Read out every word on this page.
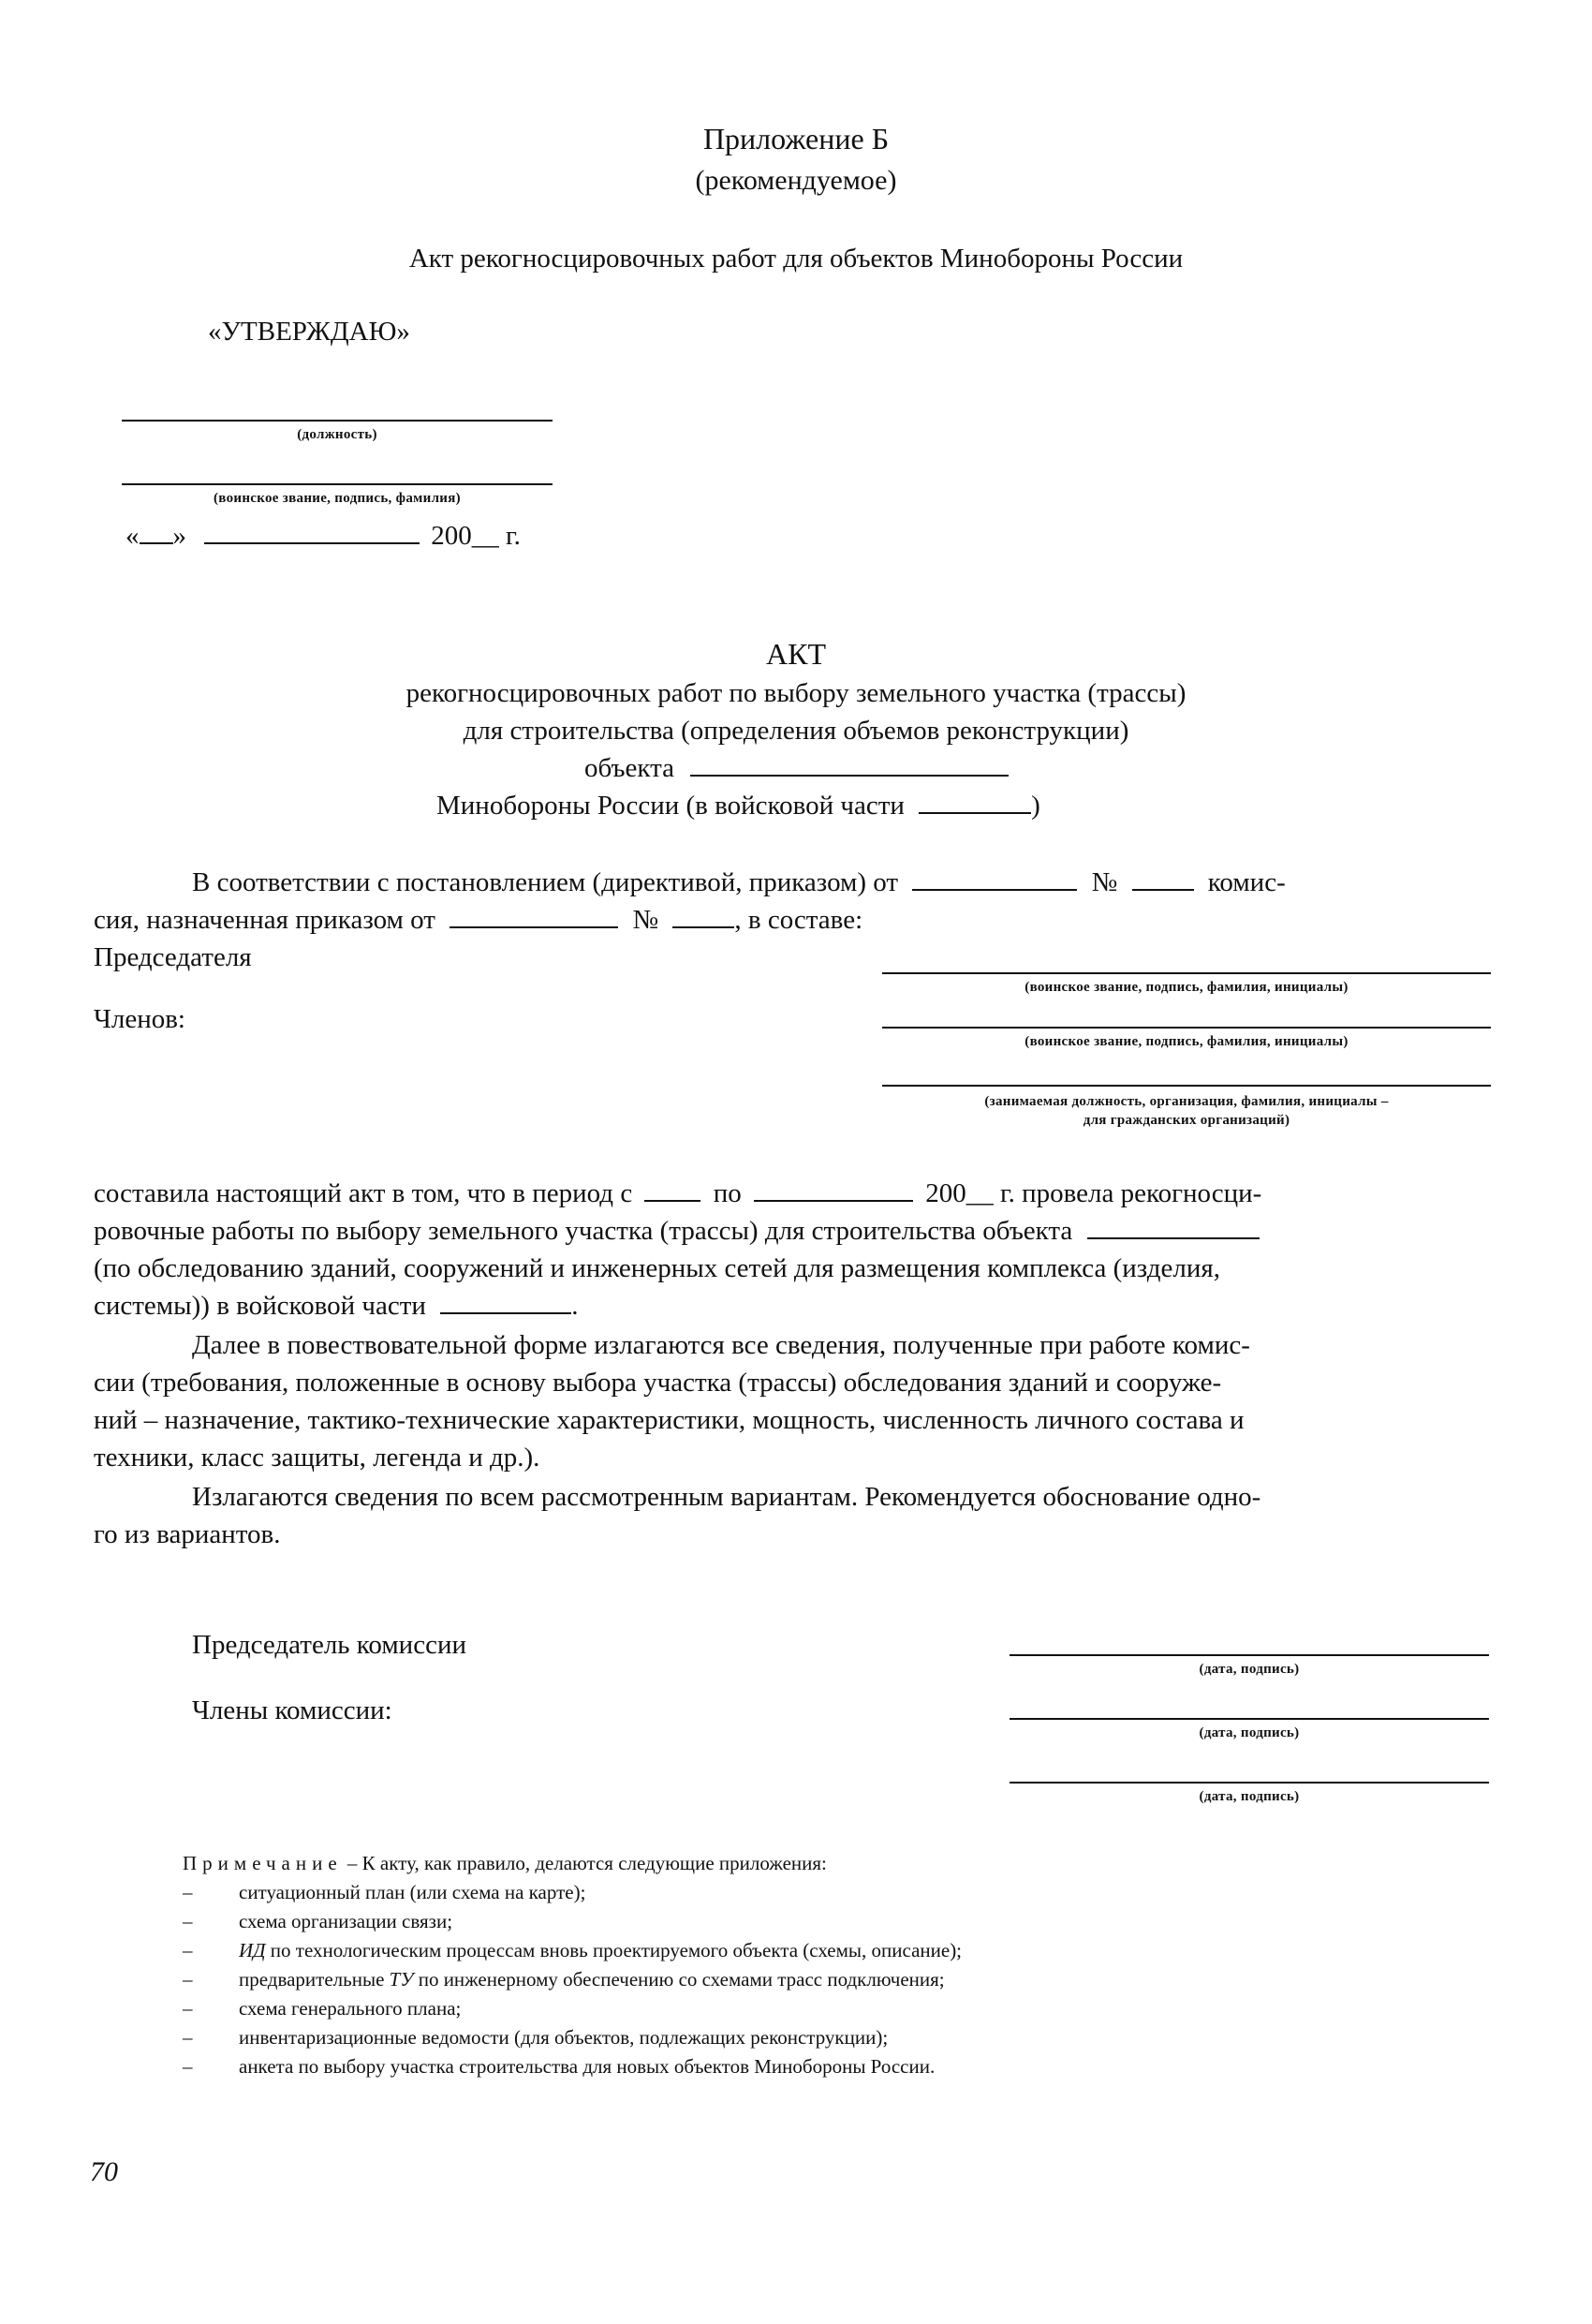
Приложение Б
(рекомендуемое)
Акт рекогносцировочных работ для объектов Минобороны России
«УТВЕРЖДАЮ»
(должность)
(воинское звание, подпись, фамилия)
« »	200__ г.
АКТ
рекогносцировочных работ по выбору земельного участка (трассы)
для строительства (определения объемов реконструкции)
объекта
Минобороны России (в войсковой части	)
В соответствии с постановлением (директивой, приказом) от	№	комис-
сия, назначенная приказом от	№	, в составе:
Председателя
(воинское звание, подпись, фамилия, инициалы)
Членов:
(воинское звание, подпись, фамилия, инициалы)
(занимаемая должность, организация, фамилия, инициалы –
для гражданских организаций)
составила настоящий акт в том, что в период с	по	200__ г. провела рекогносци-
ровочные работы по выбору земельного участка (трассы) для строительства объекта
(по обследованию зданий, сооружений и инженерных сетей для размещения комплекса (изделия,
системы)) в войсковой части	.
Далее в повествовательной форме излагаются все сведения, полученные при работе комис-
сии (требования, положенные в основу выбора участка (трассы) обследования зданий и сооруже-
ний – назначение, тактико-технические характеристики, мощность, численность личного состава и
техники, класс защиты, легенда и др.).
Излагаются сведения по всем рассмотренным вариантам. Рекомендуется обоснование одно-
го из вариантов.
Председатель комиссии
(дата, подпись)
Члены комиссии:
(дата, подпись)
(дата, подпись)
Примечание – К акту, как правило, делаются следующие приложения:
– ситуационный план (или схема на карте);
– схема организации связи;
– ИД по технологическим процессам вновь проектируемого объекта (схемы, описание);
– предварительные ТУ по инженерному обеспечению со схемами трасс подключения;
– схема генерального плана;
– инвентаризационные ведомости (для объектов, подлежащих реконструкции);
– анкета по выбору участка строительства для новых объектов Минобороны России.
70
